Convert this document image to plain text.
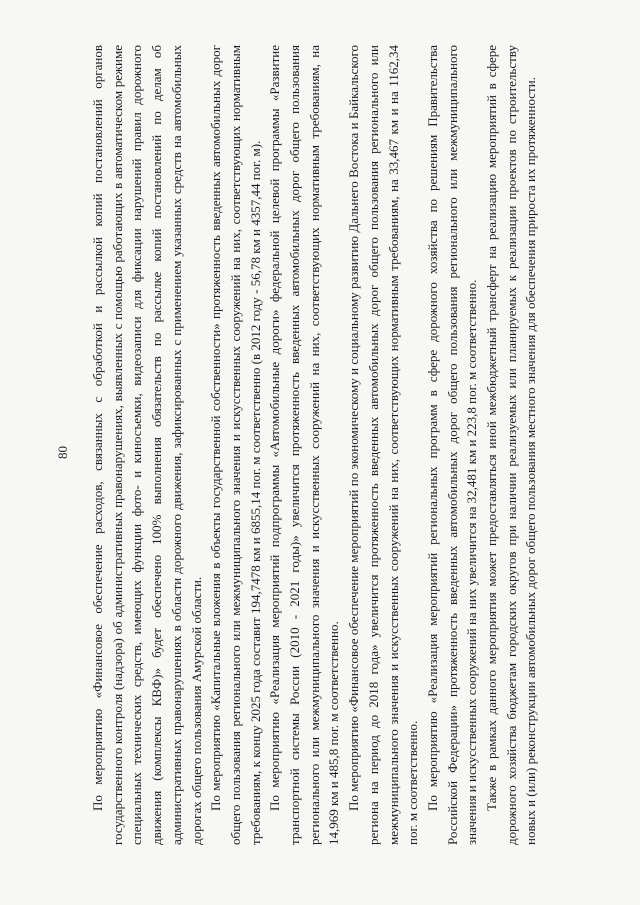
80 По мероприятию «Финансовое обеспечение расходов, связанных с обработкой и рассылкой копий постановлений органов государственного контроля (надзора) об административных правонарушениях, выявленных с помощью работающих в автоматическом режиме специальных технических средств, имеющих функции фото- и киносъемки, видеозаписи для фиксации нарушений правил дорожного движения (комплексы КВФ)» будет обеспечено 100% выполнения обязательств по рассылке копий постановлений по делам об административных правонарушениях в области дорожного движения, зафиксированных с применением указанных средств на автомобильных дорогах общего пользования Амурской области. По мероприятию «Капитальные вложения в объекты государственной собственности» протяженность введенных автомобильных дорог общего пользования регионального или межмуниципального значения и искусственных сооружений на них, соответствующих нормативным требованиям, к концу 2025 года составит 194,7478 км и 6855,14 пог. м соответственно (в 2012 году - 56,78 км и 4357,44 пог. м). По мероприятию «Реализация мероприятий подпрограммы «Автомобильные дороги» федеральной целевой программы «Развитие транспортной системы России (2010 - 2021 годы)» увеличится протяженность введенных автомобильных дорог общего пользования регионального или межмуниципального значения и искусственных сооружений на них, соответствующих нормативным требованиям, на 14,969 км и 485,8 пог. м соответственно. По мероприятию «Финансовое обеспечение мероприятий по экономическому и социальному развитию Дальнего Востока и Байкальского региона на период до 2018 года» увеличится протяженность введенных автомобильных дорог общего пользования регионального или межмуниципального значения и искусственных сооружений на них, соответствующих нормативным требованиям, на 33,467 км и на 1162,34 пог. м соответственно. По мероприятию «Реализация мероприятий региональных программ в сфере дорожного хозяйства по решениям Правительства Российской Федерации» протяженность введенных автомобильных дорог общего пользования регионального или межмуниципального значения и искусственных сооружений на них увеличится на 32,481 км и 223,8 пог. м соответственно. Также в рамках данного мероприятия может предоставляться иной межбюджетный трансферт на реализацию мероприятий в сфере дорожного хозяйства бюджетам городских округов при наличии реализуемых или планируемых к реализации проектов по строительству новых и (или) реконструкции автомобильных дорог общего пользования местного значения для обеспечения прироста их протяженности.
